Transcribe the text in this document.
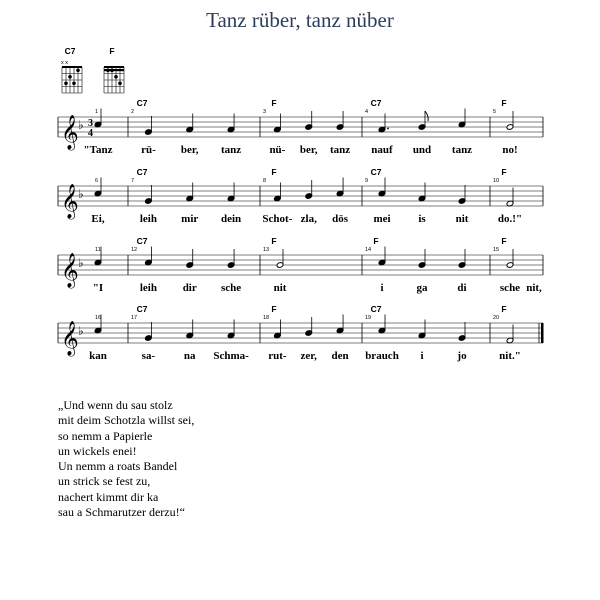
Tanz rüber, tanz nüber
C7
x x
F
𝄞 ♭ 3
4
1
"Tanz
2
C7
rü- ber, tanz
3
F
nü- ber, tanz
4
C7
nauf und tanz
5
F
no!
𝄞 ♭
6
Ei,
7
C7
leih mir dein
8
F
Schot- zla, dös
9
C7
mei	is	nit
10
F
do.!"
𝄞 ♭
11
"I
12
C7
leih dir sche
13
F
nit
14
F
i	ga	di
15
F
sche nit,
𝄞 ♭
16
kan
17
C7
sa-	na Schma-
18
F
rut- zer, den
19
C7
brauch i	jo
20
F
nit."
„Und wenn du sau stolz
mit deim Schotzla willst sei,
so nemm a Papierle
un wickels enei!
Un nemm a roats Bandel
un strick se fest zu,
nachert kimmt dir ka
sau a Schmarutzer derzu!“
